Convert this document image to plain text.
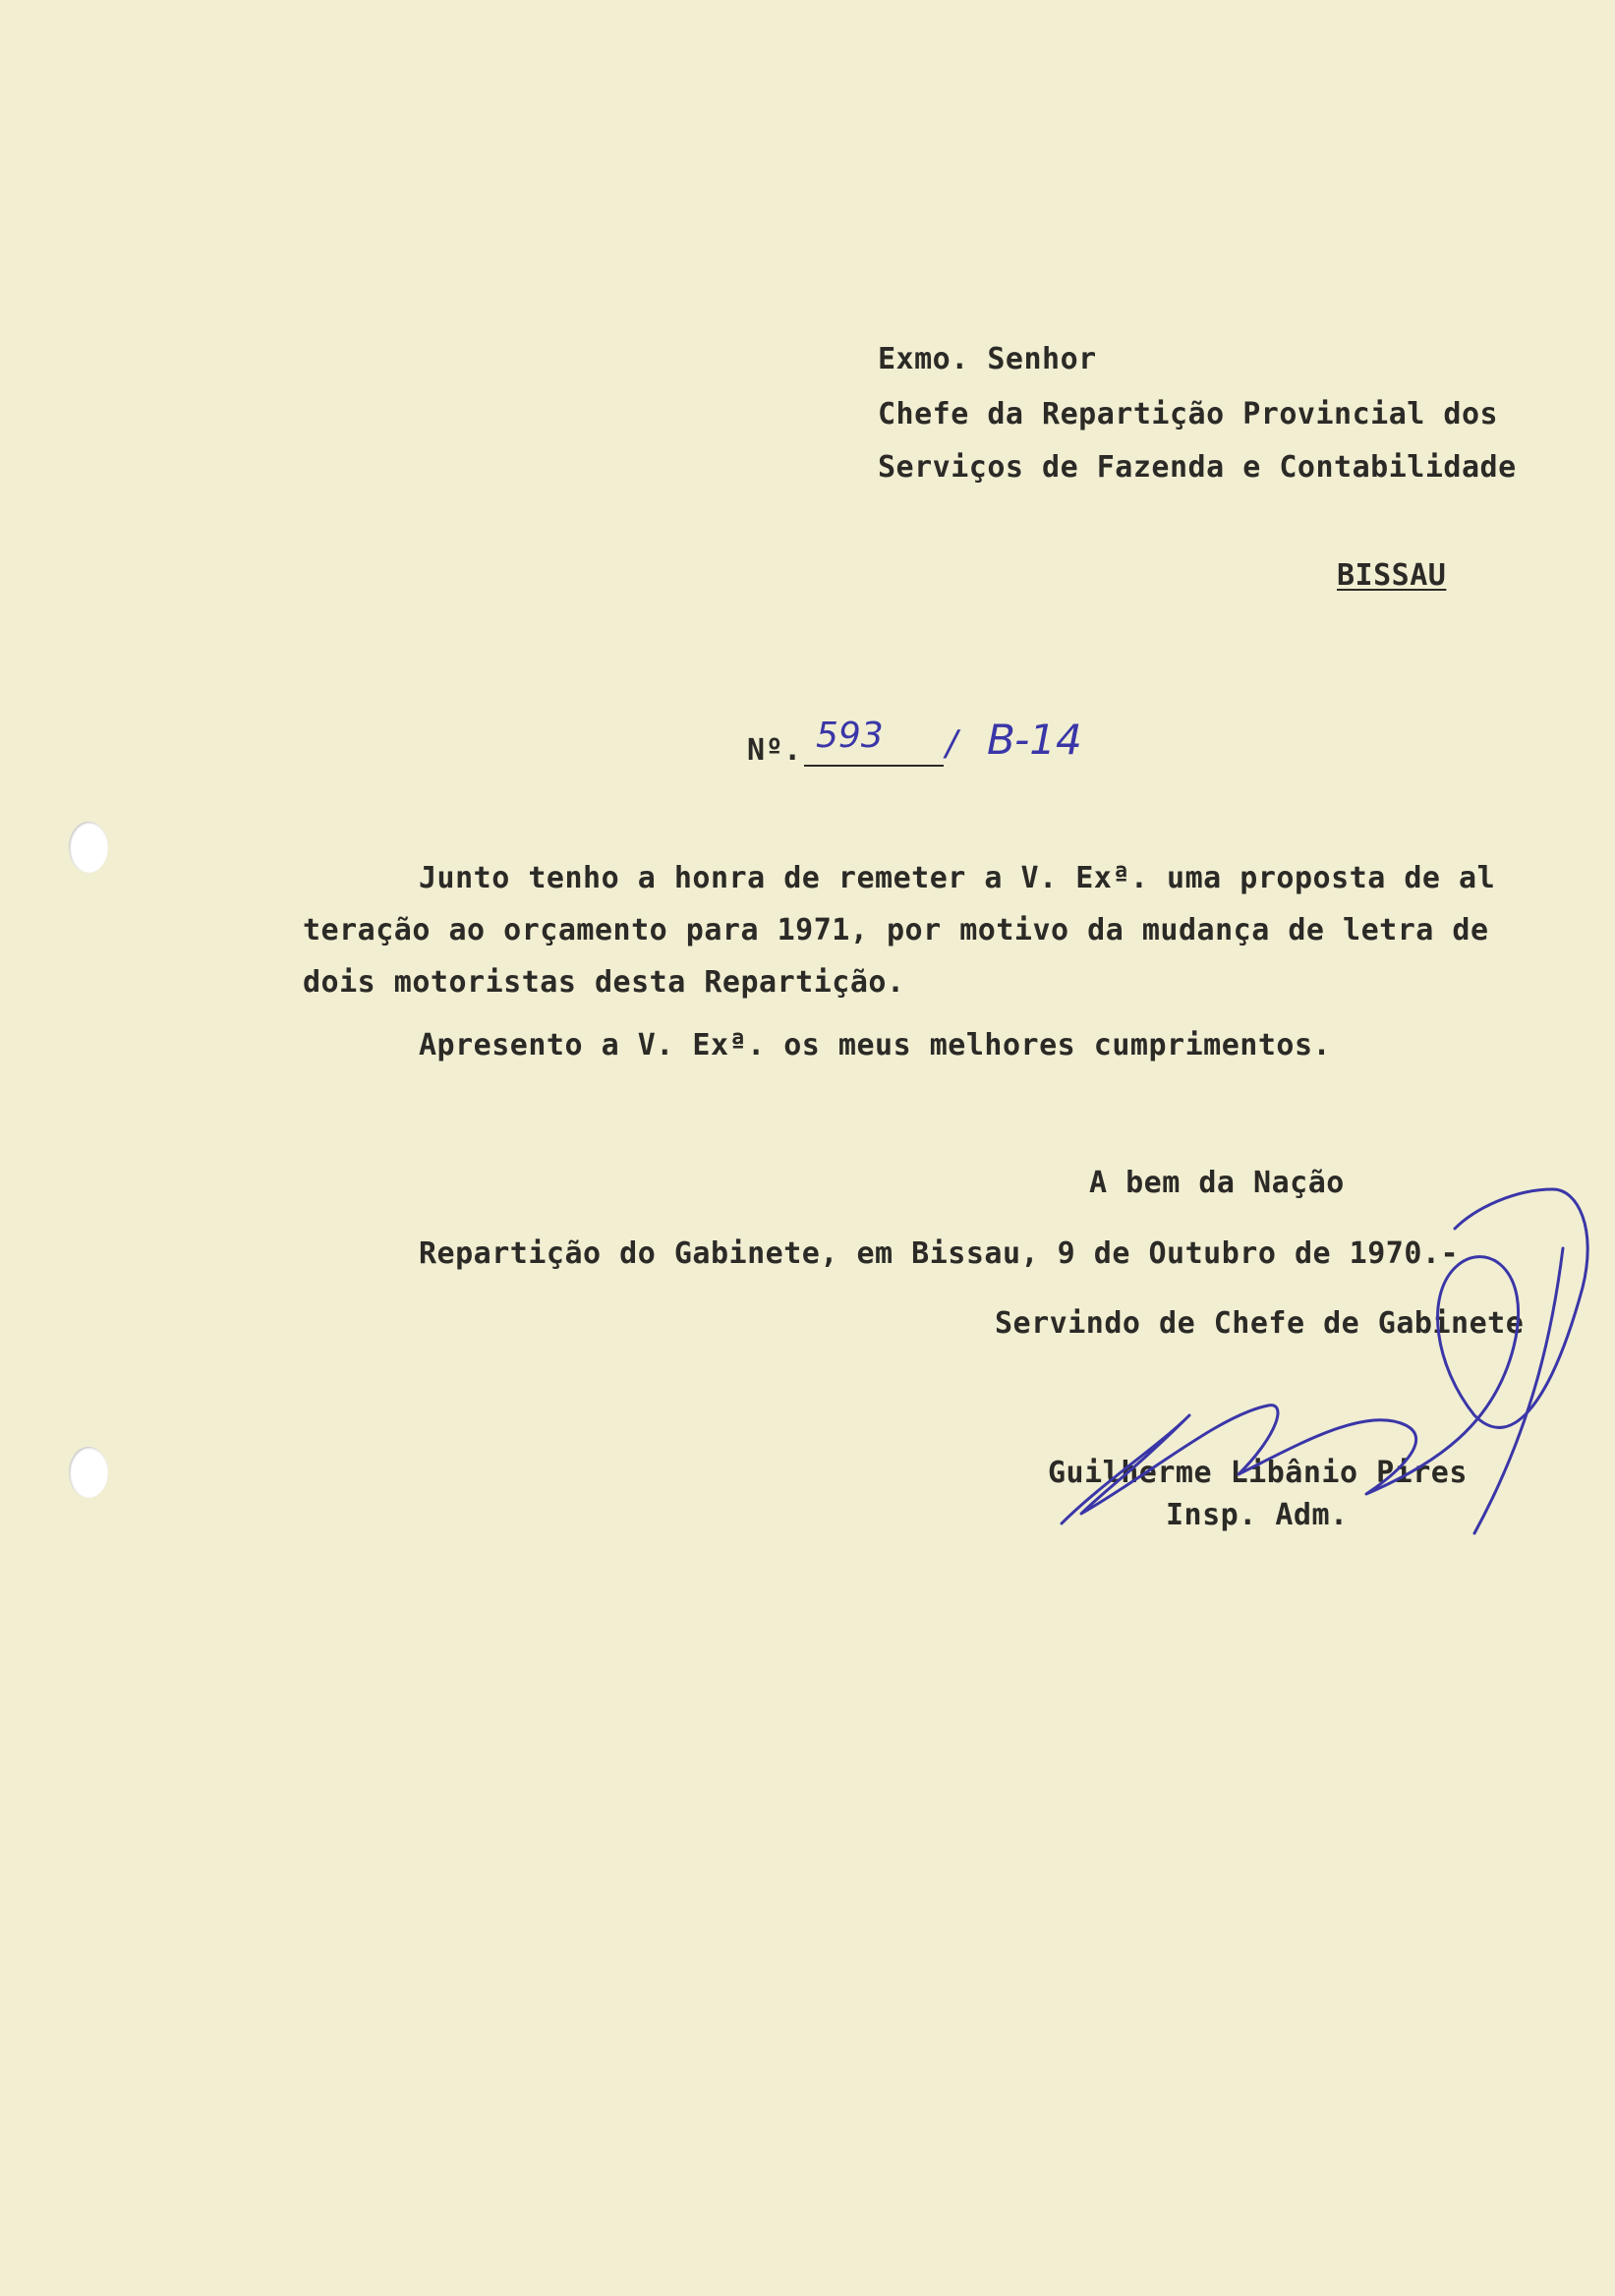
Exmo. Senhor
Chefe da Repartição Provincial dos
Serviços de Fazenda e Contabilidade
BISSAU
Nº. 593 / B-14
Junto tenho a honra de remeter a V. Exª. uma proposta de al
teração ao orçamento para 1971, por motivo da mudança de letra de
dois motoristas desta Repartição.
Apresento a V. Exª. os meus melhores cumprimentos.
A bem da Nação
Repartição do Gabinete, em Bissau, 9 de Outubro de 1970.-
Servindo de Chefe de Gabinete
Guilherme Libânio Pires
Insp. Adm.
